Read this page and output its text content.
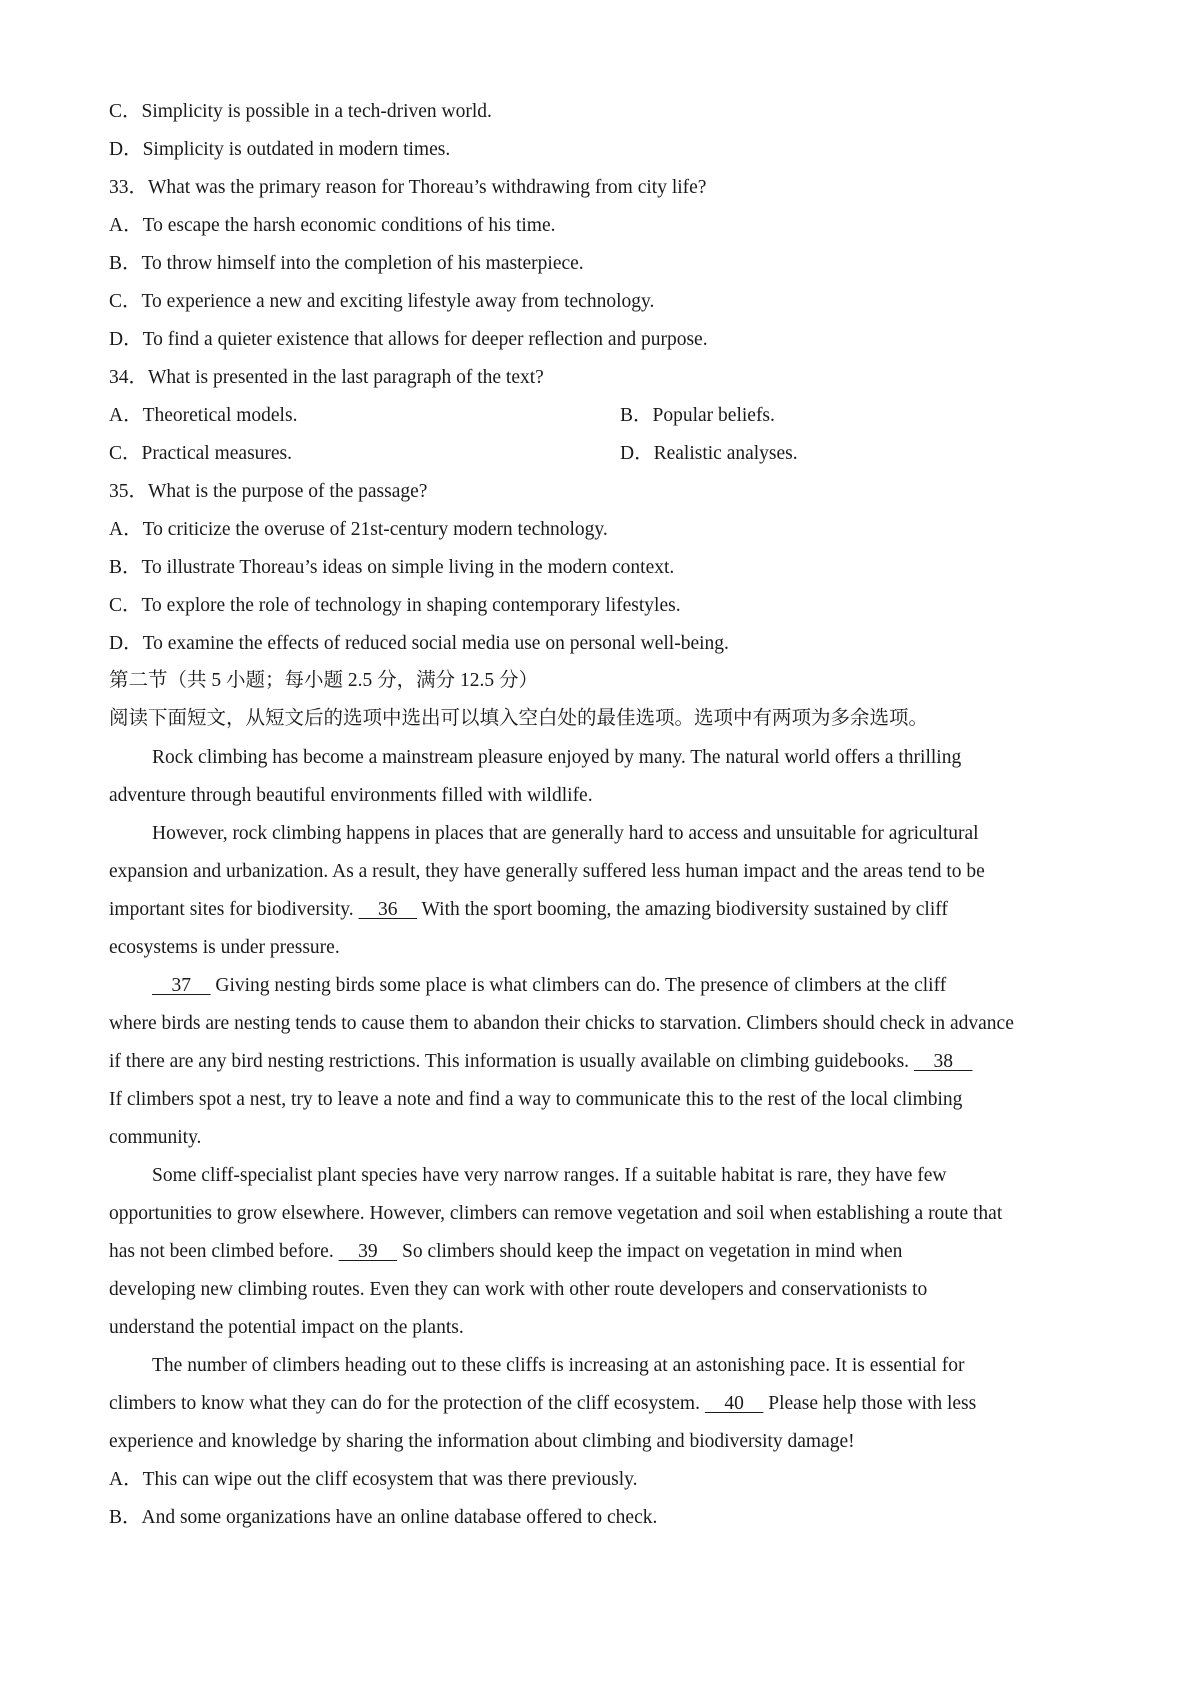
C．Simplicity is possible in a tech-driven world.
D．Simplicity is outdated in modern times.
33．What was the primary reason for Thoreau’s withdrawing from city life?
A．To escape the harsh economic conditions of his time.
B．To throw himself into the completion of his masterpiece.
C．To experience a new and exciting lifestyle away from technology.
D．To find a quieter existence that allows for deeper reflection and purpose.
34．What is presented in the last paragraph of the text?
A．Theoretical models.	B．Popular beliefs.
C．Practical measures.	D．Realistic analyses.
35．What is the purpose of the passage?
A．To criticize the overuse of 21st-century modern technology.
B．To illustrate Thoreau’s ideas on simple living in the modern context.
C．To explore the role of technology in shaping contemporary lifestyles.
D．To examine the effects of reduced social media use on personal well-being.
第二节（共 5 小题；每小题 2.5 分，满分 12.5 分）
阅读下面短文，从短文后的选项中选出可以填入空白处的最佳选项。选项中有两项为多余选项。
Rock climbing has become a mainstream pleasure enjoyed by many. The natural world offers a thrilling
adventure through beautiful environments filled with wildlife.
However, rock climbing happens in places that are generally hard to access and unsuitable for agricultural
expansion and urbanization. As a result, they have generally suffered less human impact and the areas tend to be
important sites for biodiversity.     36     With the sport booming, the amazing biodiversity sustained by cliff
ecosystems is under pressure.
37     Giving nesting birds some place is what climbers can do. The presence of climbers at the cliff
where birds are nesting tends to cause them to abandon their chicks to starvation. Climbers should check in advance
if there are any bird nesting restrictions. This information is usually available on climbing guidebooks.     38
If climbers spot a nest, try to leave a note and find a way to communicate this to the rest of the local climbing
community.
Some cliff-specialist plant species have very narrow ranges. If a suitable habitat is rare, they have few
opportunities to grow elsewhere. However, climbers can remove vegetation and soil when establishing a route that
has not been climbed before.     39     So climbers should keep the impact on vegetation in mind when
developing new climbing routes. Even they can work with other route developers and conservationists to
understand the potential impact on the plants.
The number of climbers heading out to these cliffs is increasing at an astonishing pace. It is essential for
climbers to know what they can do for the protection of the cliff ecosystem.     40     Please help those with less
experience and knowledge by sharing the information about climbing and biodiversity damage!
A．This can wipe out the cliff ecosystem that was there previously.
B．And some organizations have an online database offered to check.
